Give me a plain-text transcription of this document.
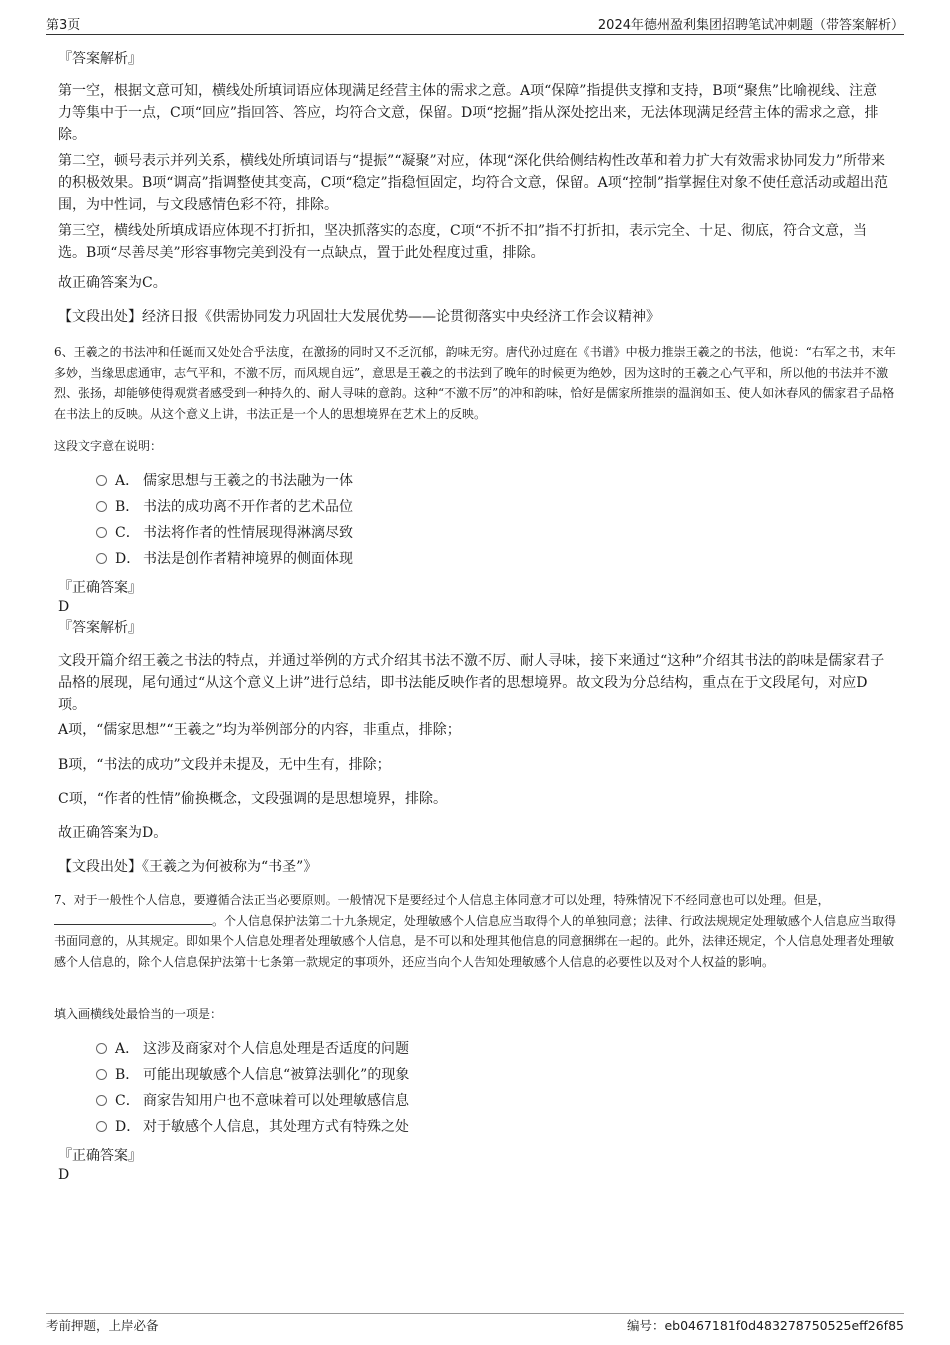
第3页	2024年德州盈利集团招聘笔试冲刺题（带答案解析）
『答案解析』
第一空，根据文意可知，横线处所填词语应体现满足经营主体的需求之意。A项“保障”指提供支撑和支持，B项“聚焦”比喻视线、注意力等集中于一点，C项“回应”指回答、答应，均符合文意，保留。D项“挖掘”指从深处挖出来，无法体现满足经营主体的需求之意，排除。
第二空，顿号表示并列关系，横线处所填词语与“提振”“凝聚”对应，体现“深化供给侧结构性改革和着力扩大有效需求协同发力”所带来的积极效果。B项“调高”指调整使其变高，C项“稳定”指稳恒固定，均符合文意，保留。A项“控制”指掌握住对象不使任意活动或超出范围，为中性词，与文段感情色彩不符，排除。
第三空，横线处所填成语应体现不打折扣，坚决抓落实的态度，C项“不折不扣”指不打折扣，表示完全、十足、彻底，符合文意，当选。B项“尽善尽美”形容事物完美到没有一点缺点，置于此处程度过重，排除。
故正确答案为C。
【文段出处】经济日报《供需协同发力巩固壮大发展优势——论贯彻落实中央经济工作会议精神》
6、王羲之的书法冲和任诞而又处处合乎法度，在激扬的同时又不乏沉郁，韵味无穷。唐代孙过庭在《书谱》中极力推崇王羲之的书法，他说：“右军之书，末年多妙，当缘思虑通审，志气平和，不激不厉，而风规自远”，意思是王羲之的书法到了晚年的时候更为绝妙，因为这时的王羲之心气平和，所以他的书法并不激烈、张扬，却能够使得观赏者感受到一种持久的、耐人寻味的意韵。这种“不激不厉”的冲和韵味，恰好是儒家所推崇的温润如玉、使人如沐春风的儒家君子品格在书法上的反映。从这个意义上讲，书法正是一个人的思想境界在艺术上的反映。
这段文字意在说明：
A． 儒家思想与王羲之的书法融为一体
B． 书法的成功离不开作者的艺术品位
C． 书法将作者的性情展现得淋漓尽致
D． 书法是创作者精神境界的侧面体现
『正确答案』
D
『答案解析』
文段开篇介绍王羲之书法的特点，并通过举例的方式介绍其书法不激不厉、耐人寻味，接下来通过“这种”介绍其书法的韵味是儒家君子品格的展现，尾句通过“从这个意义上讲”进行总结，即书法能反映作者的思想境界。故文段为分总结构，重点在于文段尾句，对应D项。
A项，“儒家思想”“王羲之”均为举例部分的内容，非重点，排除；
B项，“书法的成功”文段并未提及，无中生有，排除；
C项，“作者的性情”偷换概念，文段强调的是思想境界，排除。
故正确答案为D。
【文段出处】《王羲之为何被称为“书圣”》
7、对于一般性个人信息，要遵循合法正当必要原则。一般情况下是要经过个人信息主体同意才可以处理，特殊情况下不经同意也可以处理。但是，。个人信息保护法第二十九条规定，处理敏感个人信息应当取得个人的单独同意；法律、行政法规规定处理敏感个人信息应当取得书面同意的，从其规定。即如果个人信息处理者处理敏感个人信息，是不可以和处理其他信息的同意捆绑在一起的。此外，法律还规定，个人信息处理者处理敏感个人信息的，除个人信息保护法第十七条第一款规定的事项外，还应当向个人告知处理敏感个人信息的必要性以及对个人权益的影响。
填入画横线处最恰当的一项是：
A． 这涉及商家对个人信息处理是否适度的问题
B． 可能出现敏感个人信息“被算法驯化”的现象
C． 商家告知用户也不意味着可以处理敏感信息
D． 对于敏感个人信息，其处理方式有特殊之处
『正确答案』
D
考前押题，上岸必备	编号：eb0467181f0d483278750525eff26f85
